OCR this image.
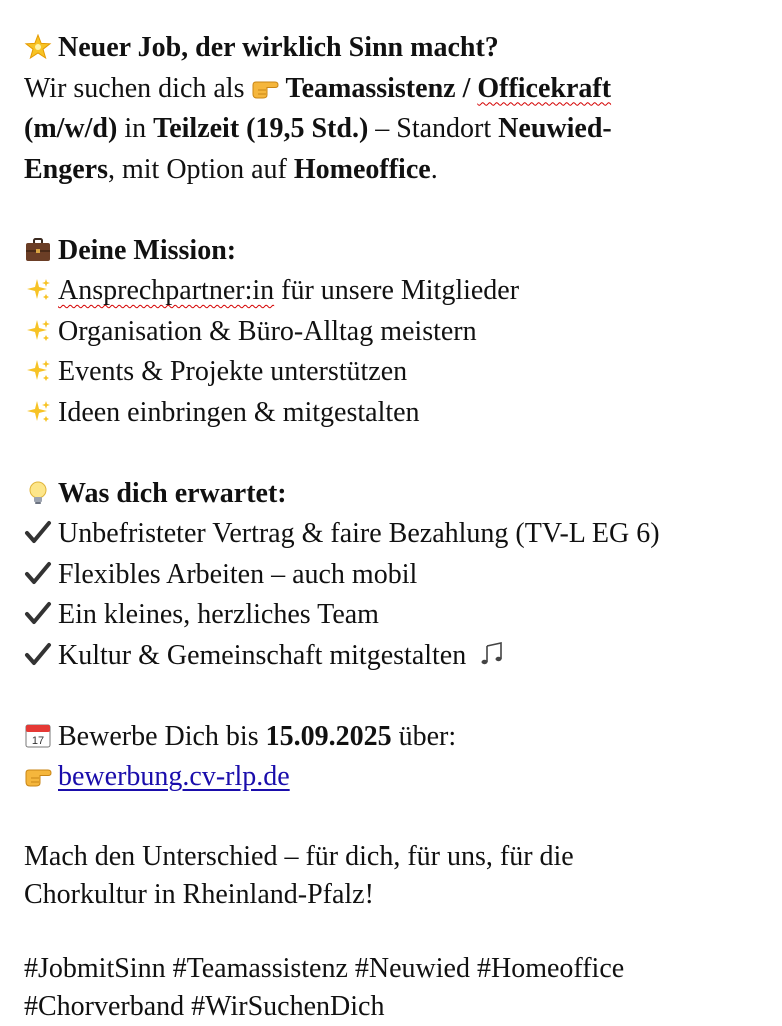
Neuer Job, der wirklich Sinn macht?
Wir suchen dich als
Teamassistenz / Officekraft
(m/w/d) in Teilzeit (19,5 Std.) – Standort Neuwied-
Engers, mit Option auf Homeoffice.
Deine Mission:
Ansprechpartner:in für unsere Mitglieder
Organisation & Büro-Alltag meistern
Events & Projekte unterstützen
Ideen einbringen & mitgestalten
Was dich erwartet:
Unbefristeter Vertrag & faire Bezahlung (TV-L EG 6)
Flexibles Arbeiten – auch mobil
Ein kleines, herzliches Team
Kultur & Gemeinschaft mitgestalten
17 Bewerbe Dich bis 15.09.2025 über:
bewerbung.cv-rlp.de
Mach den Unterschied – für dich, für uns, für die
Chorkultur in Rheinland-Pfalz!
#JobmitSinn #Teamassistenz #Neuwied #Homeoffice
#Chorverband #WirSuchenDich
